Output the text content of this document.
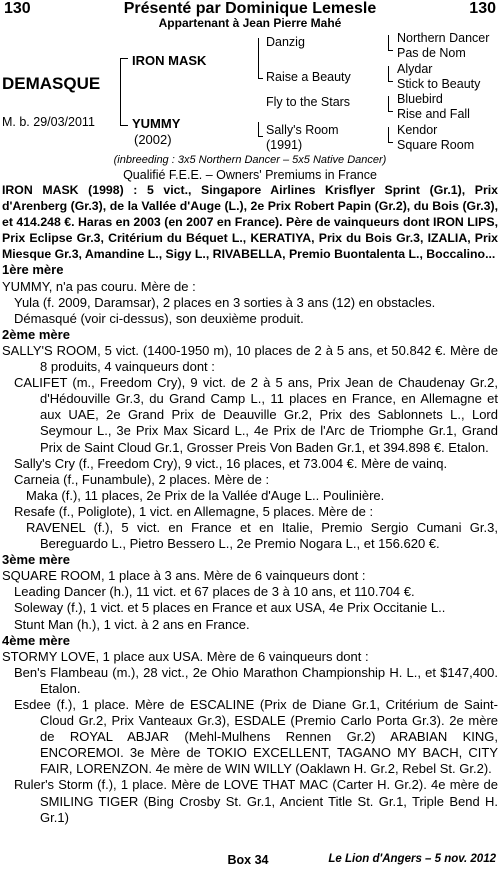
Présenté par Dominique Lemesle
130	130
Appartenant à Jean Pierre Mahé
DEMASQUE
M. b. 29/03/2011
IRON MASK
YUMMY
(2002)
Danzig
Raise a Beauty
Fly to the Stars
Sally's Room
(1991)
Northern Dancer
Pas de Nom
Alydar
Stick to Beauty
Bluebird
Rise and Fall
Kendor
Square Room
(inbreeding : 3x5 Northern Dancer – 5x5 Native Dancer)
Qualifié F.E.E. – Owners' Premiums in France

IRON MASK (1998) : 5 vict., Singapore Airlines Krisflyer Sprint (Gr.1), Prix d'Arenberg (Gr.3), de la Vallée d'Auge (L.), 2e Prix Robert Papin (Gr.2), du Bois (Gr.3), et 414.248 €. Haras en 2003 (en 2007 en France). Père de vainqueurs dont IRON LIPS, Prix Eclipse Gr.3, Critérium du Béquet L., KERATIYA, Prix du Bois Gr.3, IZALIA, Prix Miesque Gr.3, Amandine L., Sigy L., RIVABELLA, Premio Buontalenta L., Boccalino...

1ère mère

YUMMY, n'a pas couru. Mère de :

Yula (f. 2009, Daramsar), 2 places en 3 sorties à 3 ans (12) en obstacles.

Démasqué (voir ci-dessus), son deuxième produit.

2ème mère

SALLY'S ROOM, 5 vict. (1400-1950 m), 10 places de 2 à 5 ans, et 50.842 €. Mère de 8 produits, 4 vainqueurs dont :

CALIFET (m., Freedom Cry), 9 vict. de 2 à 5 ans, Prix Jean de Chaudenay Gr.2, d'Hédouville Gr.3, du Grand Camp L., 11 places en France, en Allemagne et aux UAE, 2e Grand Prix de Deauville Gr.2, Prix des Sablonnets L., Lord Seymour L., 3e Prix Max Sicard L., 4e Prix de l'Arc de Triomphe Gr.1, Grand Prix de Saint Cloud Gr.1, Grosser Preis Von Baden Gr.1, et 394.898 €. Etalon.

Sally's Cry (f., Freedom Cry), 9 vict., 16 places, et 73.004 €. Mère de vainq.

Carneia (f., Funambule), 2 places. Mère de :

Maka (f.), 11 places, 2e Prix de la Vallée d'Auge L.. Poulinière.

Resafe (f., Poliglote), 1 vict. en Allemagne, 5 places. Mère de :

RAVENEL (f.), 5 vict. en France et en Italie, Premio Sergio Cumani Gr.3, Bereguardo L., Pietro Bessero L., 2e Premio Nogara L., et 156.620 €.

3ème mère

SQUARE ROOM, 1 place à 3 ans. Mère de 6 vainqueurs dont :

Leading Dancer (h.), 11 vict. et 67 places de 3 à 10 ans, et 110.704 €.

Soleway (f.), 1 vict. et 5 places en France et aux USA, 4e Prix Occitanie L..

Stunt Man (h.), 1 vict. à 2 ans en France.

4ème mère

STORMY LOVE, 1 place aux USA. Mère de 6 vainqueurs dont :

Ben's Flambeau (m.), 28 vict., 2e Ohio Marathon Championship H. L., et $147,400. Etalon.

Esdee (f.), 1 place. Mère de ESCALINE (Prix de Diane Gr.1, Critérium de Saint-Cloud Gr.2, Prix Vanteaux Gr.3), ESDALE (Premio Carlo Porta Gr.3). 2e mère de ROYAL ABJAR (Mehl-Mulhens Rennen Gr.2) ARABIAN KING, ENCOREMOI. 3e Mère de TOKIO EXCELLENT, TAGANO MY BACH, CITY FAIR, LORENZON. 4e mère de WIN WILLY (Oaklawn H. Gr.2, Rebel St. Gr.2).

Ruler's Storm (f.), 1 place. Mère de LOVE THAT MAC (Carter H. Gr.2). 4e mère de SMILING TIGER (Bing Crosby St. Gr.1, Ancient Title St. Gr.1, Triple Bend H. Gr.1)

Box 34	Le Lion d'Angers – 5 nov. 2012
